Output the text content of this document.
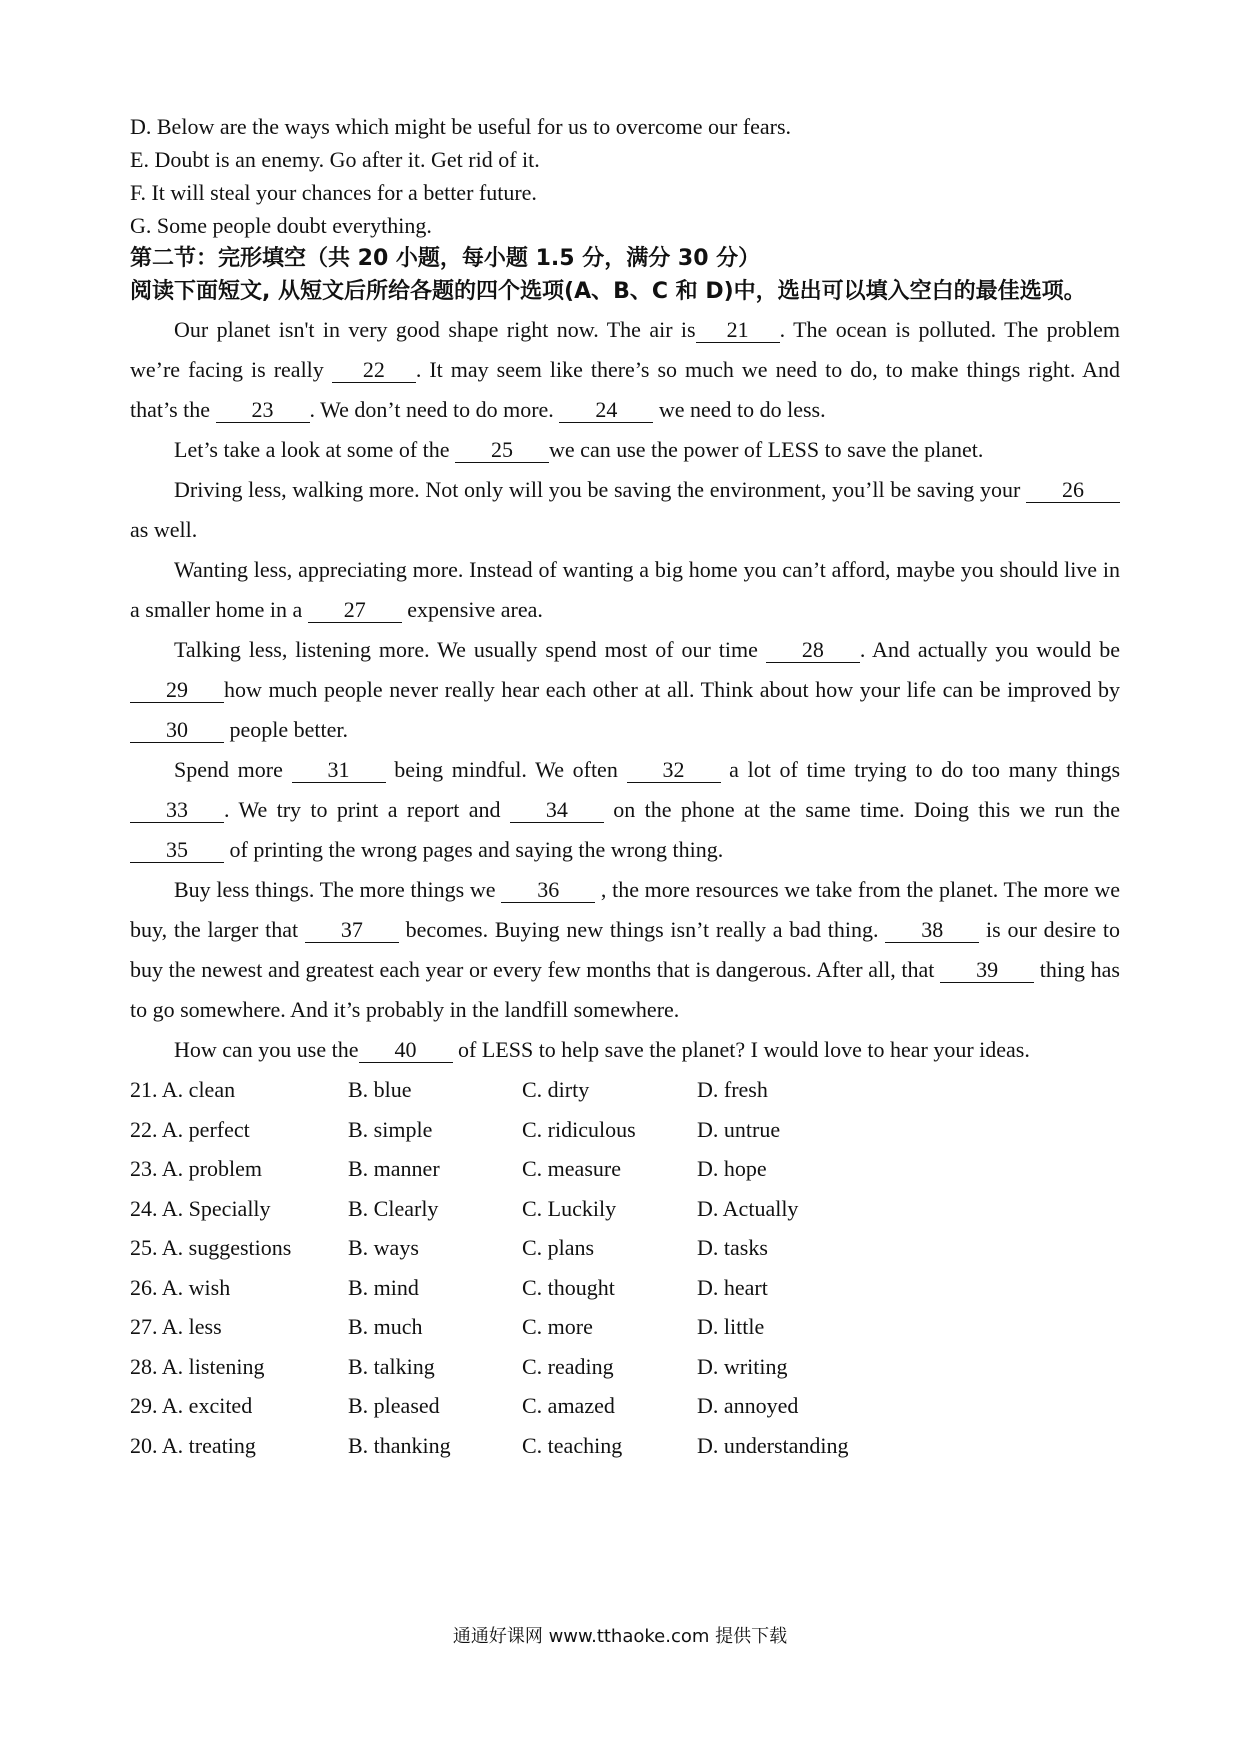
D. Below are the ways which might be useful for us to overcome our fears.
E. Doubt is an enemy. Go after it. Get rid of it.
F. It will steal your chances for a better future.
G. Some people doubt everything.
第二节：完形填空（共 20 小题，每小题 1.5 分，满分 30 分）
阅读下面短文, 从短文后所给各题的四个选项(A、B、C 和 D)中，选出可以填入空白的最佳选项。

Our planet isn't in very good shape right now. The air is 21 . The ocean is polluted. The problem we’re facing is really 22 . It may seem like there’s so much we need to do, to make things right. And that’s the 23 . We don’t need to do more. 24 we need to do less.

Let’s take a look at some of the 25 we can use the power of LESS to save the planet.

Driving less, walking more. Not only will you be saving the environment, you’ll be saving your 26as well.

Wanting less, appreciating more. Instead of wanting a big home you can’t afford, maybe you should live in a smaller home in a 27 expensive area.

Talking less, listening more. We usually spend most of our time 28 . And actually you would be 29 how much people never really hear each other at all. Think about how your life can be improved by 30 people better.

Spend more 31 being mindful. We often 32 a lot of time trying to do too many things 33 . We try to print a report and 34 on the phone at the same time. Doing this we run the 35 of printing the wrong pages and saying the wrong thing.

Buy less things. The more things we 36 , the more resources we take from the planet. The more we buy, the larger that 37 becomes. Buying new things isn’t really a bad thing. 38 is our desire to buy the newest and greatest each year or every few months that is dangerous. After all, that 39 thing has to go somewhere. And it’s probably in the landfill somewhere.

How can you use the 40 of LESS to help save the planet? I would love to hear your ideas.

21. A. clean	B. blue	C. dirty	D. fresh
22. A. perfect	B. simple	C. ridiculous	D. untrue
23. A. problem	B. manner	C. measure	D. hope
24. A. Specially	B. Clearly	C. Luckily	D. Actually
25. A. suggestions	B. ways	C. plans	D. tasks
26. A. wish	B. mind	C. thought	D. heart
27. A. less	B. much	C. more	D. little
28. A. listening	B. talking	C. reading	D. writing
29. A. excited	B. pleased	C. amazed	D. annoyed
20. A. treating	B. thanking	C. teaching	D. understanding
通通好课网 www.tthaoke.com 提供下载
